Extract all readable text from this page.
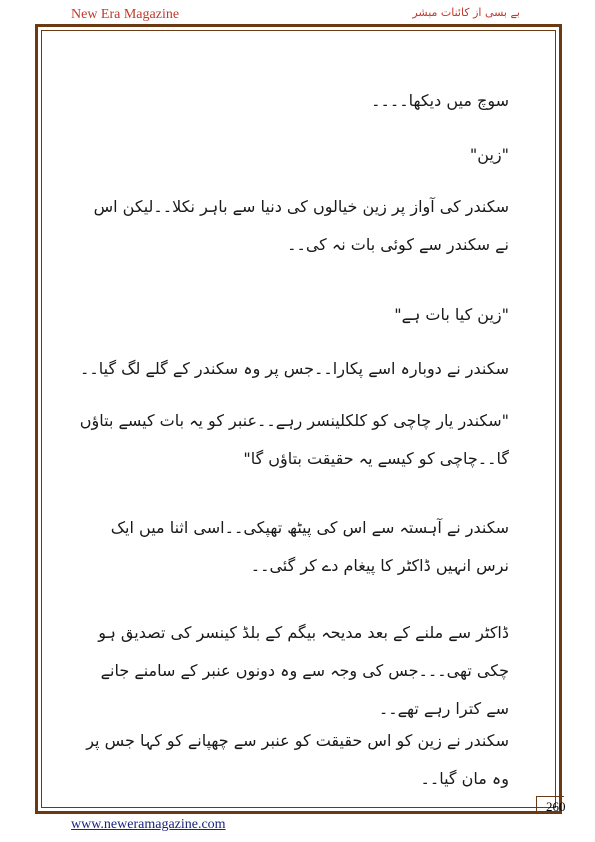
New Era Magazine	بے بسی از کائنات مبشر
سوچ میں دیکھا۔۔۔۔
"زین"
سکندر کی آواز پر زین خیالوں کی دنیا سے باہر نکلا۔۔لیکن اس نے سکندر سے کوئی بات نہ کی۔۔
"زین کیا بات ہے"
سکندر نے دوبارہ اسے پکارا۔۔جس پر وہ سکندر کے گلے لگ گیا۔۔
"سکندر یار چاچی کو کلکلینسر رہے۔۔عنبر کو یہ بات کیسے بتاؤں گا۔۔چاچی کو کیسے یہ حقیقت بتاؤں گا"
سکندر نے آہستہ سے اس کی پیٹھ تھپکی۔۔اسی اثنا میں ایک نرس انہیں ڈاکٹر کا پیغام دے کر گئی۔۔
ڈاکٹر سے ملنے کے بعد مدیحہ بیگم کے بلڈ کینسر کی تصدیق ہو چکی تھی۔۔۔جس کی وجہ سے وہ دونوں عنبر کے سامنے جانے سے کترا رہے تھے۔۔
سکندر نے زین کو اس حقیقت کو عنبر سے چھپانے کو کہا جس پر وہ مان گیا۔۔
260
www.neweramagazine.com
